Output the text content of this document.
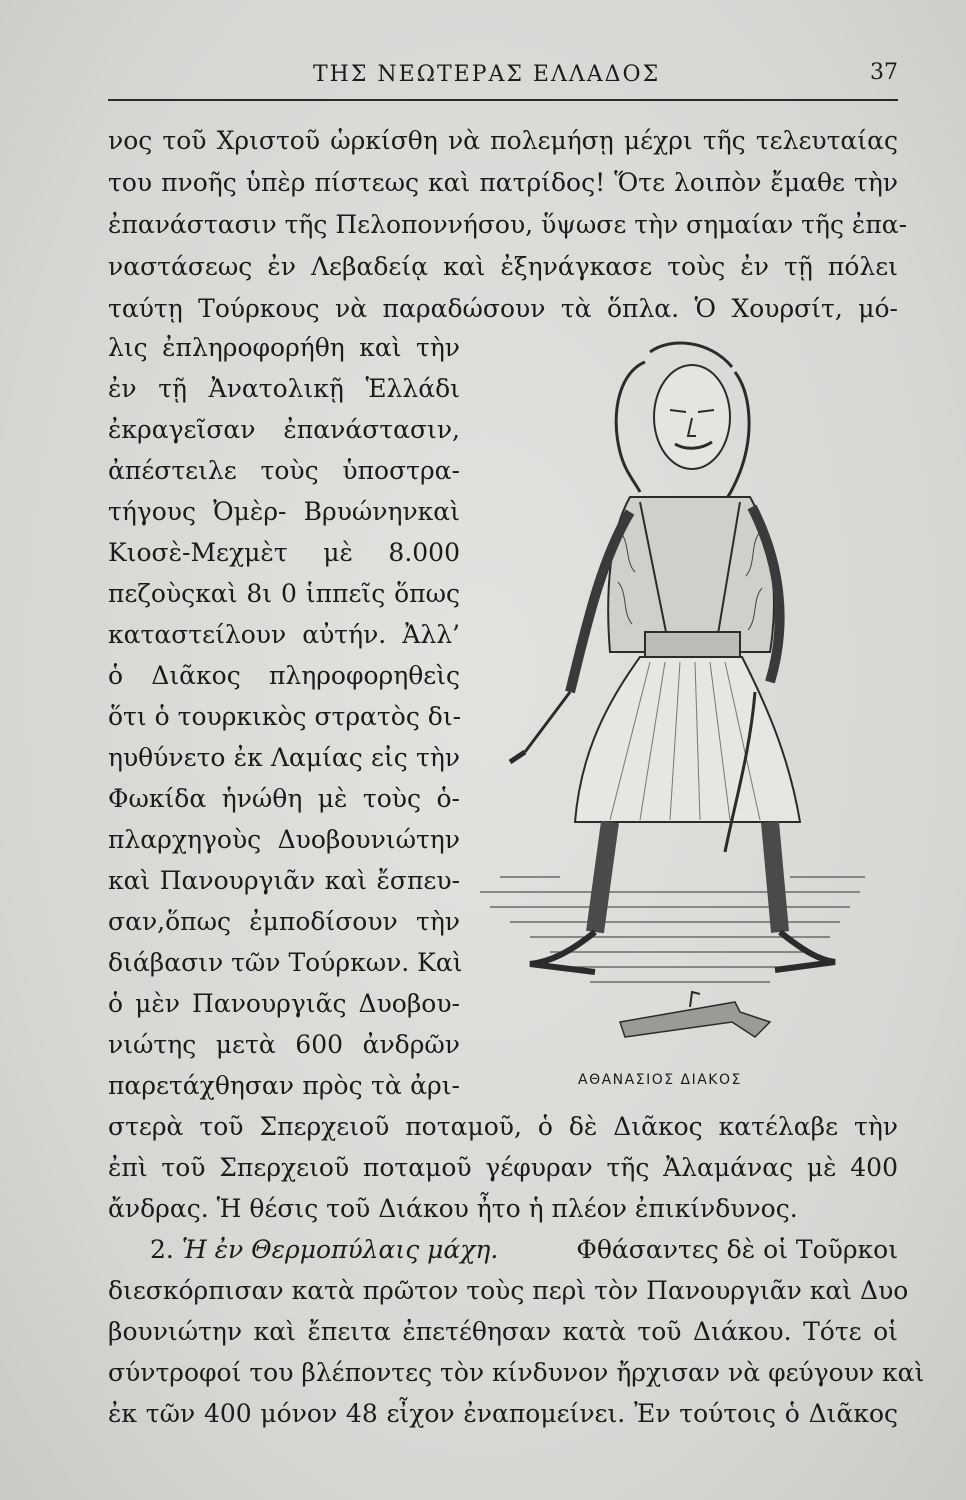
ΤΗΣ ΝΕΩΤΕΡΑΣ ΕΛΛΑΔΟΣ	37
νος τοῦ Χριστοῦ ὡρκίσθη νὰ πολεμήσῃ μέχρι τῆς τελευταίας
του πνοῆς ὑπὲρ πίστεως καὶ πατρίδος! Ὅτε λοιπὸν ἔμαθε τὴν
ἐπανάστασιν τῆς Πελοποννήσου, ὕψωσε τὴν σημαίαν τῆς ἐπα-
ναστάσεως ἐν Λεβαδείᾳ καὶ ἐξηνάγκασε τοὺς ἐν τῇ πόλει
ταύτῃ Τούρκους νὰ παραδώσουν τὰ ὅπλα. Ὁ Χουρσίτ, μό-
λις ἐπληροφορήθη καὶ τὴν
ἐν τῇ Ἀνατολικῇ Ἑλλάδι
ἐκραγεῖσαν ἐπανάστασιν,
ἀπέστειλε τοὺς ὑποστρα-
τήγους Ὀμὲρ- Βρυώνηνκαὶ
Κιοσὲ-Μεχμὲτ μὲ 8.000
πεζοὺςκαὶ 8ι 0 ἱππεῖς ὅπως
καταστείλουν αὐτήν. Ἀλλ’
ὁ Διᾶκος πληροφορηθεὶς
ὅτι ὁ τουρκικὸς στρατὸς δι-
ηυθύνετο ἐκ Λαμίας εἰς τὴν
Φωκίδα ἡνώθη μὲ τοὺς ὁ-
πλαρχηγοὺς Δυοβουνιώτην
καὶ Πανουργιᾶν καὶ ἔσπευ-
σαν,ὅπως ἐμποδίσουν τὴν
διάβασιν τῶν Τούρκων. Καὶ
ὁ μὲν Πανουργιᾶς Δυοβου-
νιώτης μετὰ 600 ἀνδρῶν
παρετάχθησαν πρὸς τὰ ἀρι-	ΑΘΑΝΑΣΙΟΣ ΔΙΑΚΟΣ
στερὰ τοῦ Σπερχειοῦ ποταμοῦ, ὁ δὲ Διᾶκος κατέλαβε τὴν
ἐπὶ τοῦ Σπερχειοῦ ποταμοῦ γέφυραν τῆς Ἀλαμάνας μὲ 400
ἄνδρας. Ἡ θέσις τοῦ Διάκου ἦτο ἡ πλέον ἐπικίνδυνος.
2. Ἡ ἐν Θερμοπύλαις μάχη.	Φθάσαντες δὲ οἱ Τοῦρκοι
διεσκόρπισαν κατὰ πρῶτον τοὺς περὶ τὸν Πανουργιᾶν καὶ Δυο
βουνιώτην καὶ ἔπειτα ἐπετέθησαν κατὰ τοῦ Διάκου. Τότε οἱ
σύντροφοί του βλέποντες τὸν κίνδυνον ἤρχισαν νὰ φεύγουν καὶ
ἐκ τῶν 400 μόνον 48 εἶχον ἐναπομείνει. Ἐν τούτοις ὁ Διᾶκος
